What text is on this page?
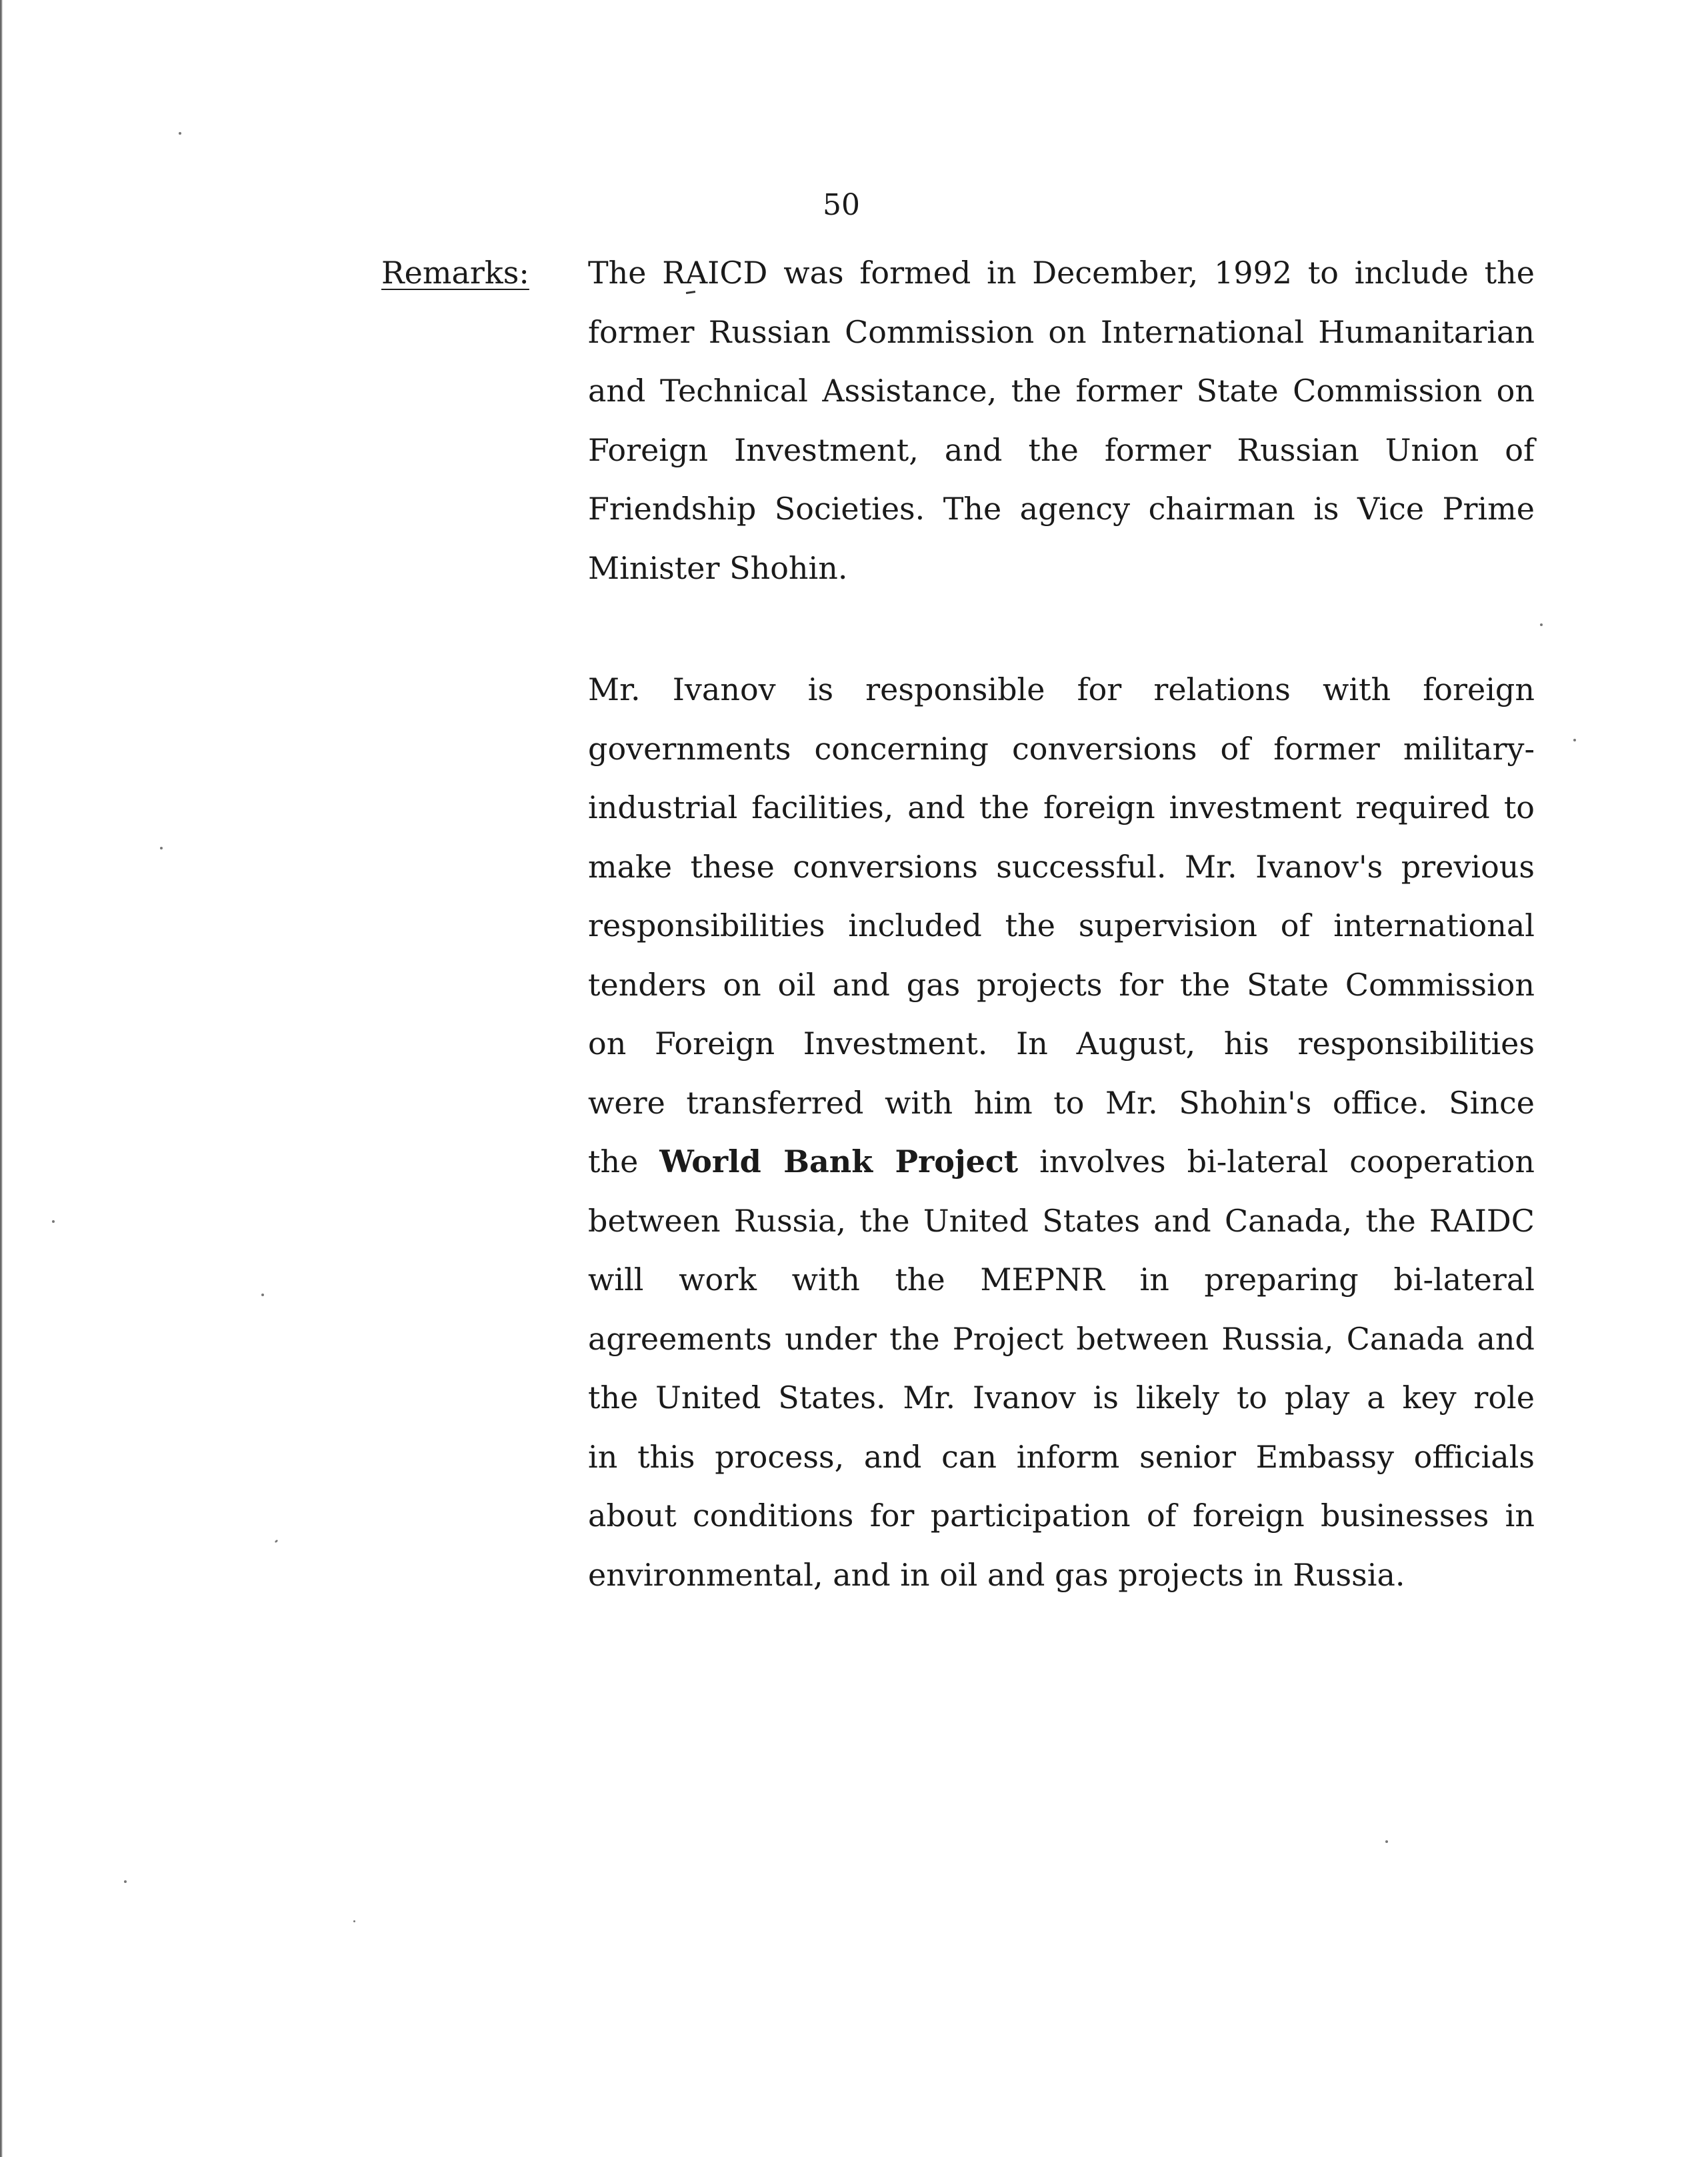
50
Remarks: The RAICD was formed in December, 1992 to include the
former Russian Commission on International Humanitarian
and Technical Assistance, the former State Commission on
Foreign Investment, and the former Russian Union of
Friendship Societies. The agency chairman is Vice Prime
Minister Shohin.
Mr. Ivanov is responsible for relations with foreign
governments concerning conversions of former military-
industrial facilities, and the foreign investment required to
make these conversions successful. Mr. Ivanov's previous
responsibilities included the supervision of international
tenders on oil and gas projects for the State Commission
on Foreign Investment. In August, his responsibilities
were transferred with him to Mr. Shohin's office. Since
the World Bank Project involves bi-lateral cooperation
between Russia, the United States and Canada, the RAIDC
will work with the MEPNR in preparing bi-lateral
agreements under the Project between Russia, Canada and
the United States. Mr. Ivanov is likely to play a key role
in this process, and can inform senior Embassy officials
about conditions for participation of foreign businesses in
environmental, and in oil and gas projects in Russia.
